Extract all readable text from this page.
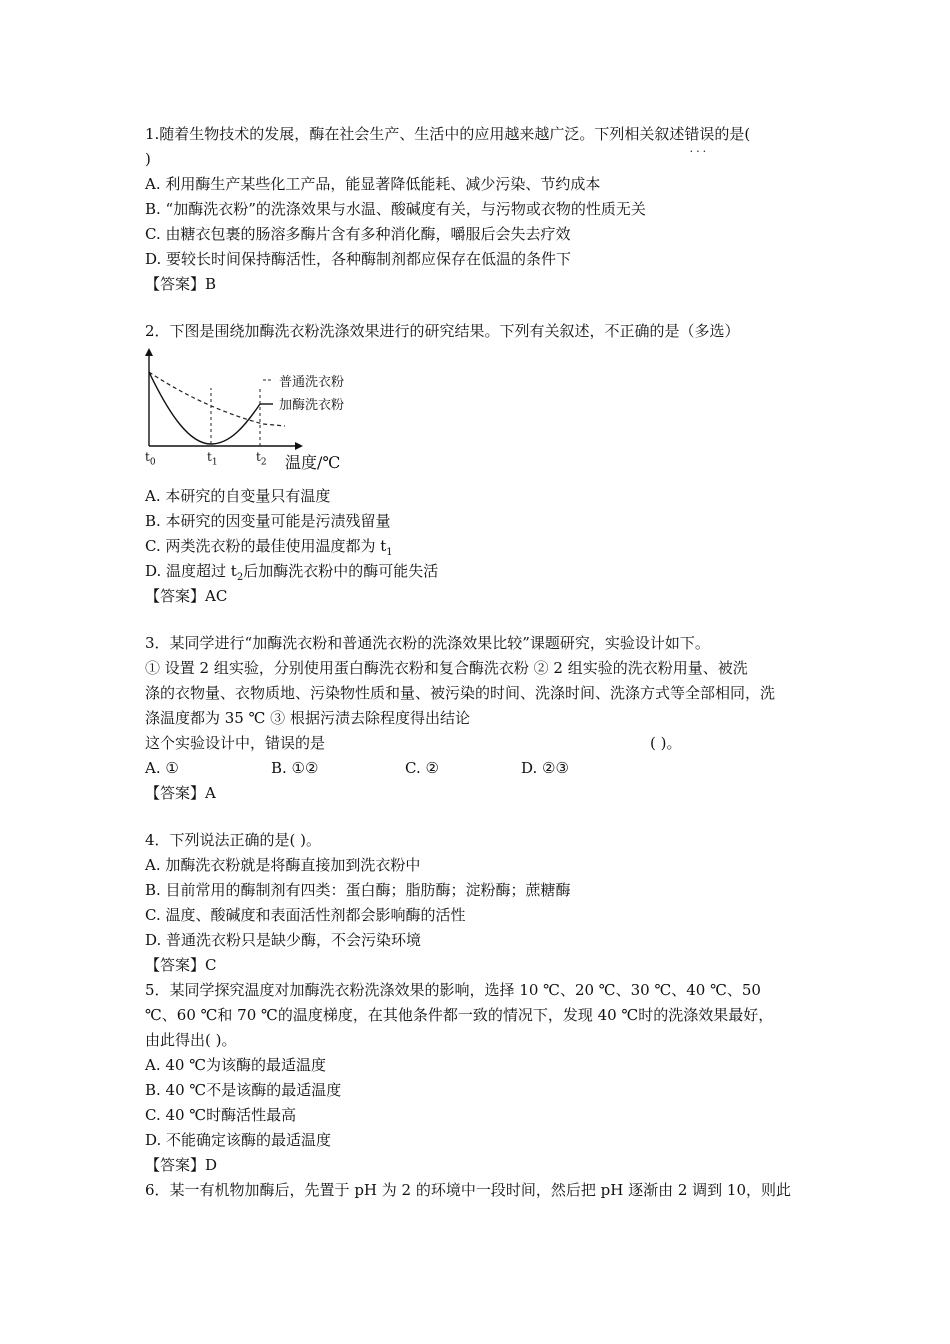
1.随着生物技术的发展，酶在社会生产、生活中的应用越来越广泛。下列相关叙述错误 ···的是(
)
A. 利用酶生产某些化工产品，能显著降低能耗、减少污染、节约成本
B. “加酶洗衣粉”的洗涤效果与水温、酸碱度有关，与污物或衣物的性质无关
C. 由糖衣包裹的肠溶多酶片含有多种消化酶，嚼服后会失去疗效
D. 要较长时间保持酶活性，各种酶制剂都应保存在低温的条件下
【答案】B
2．下图是围绕加酶洗衣粉洗涤效果进行的研究结果。下列有关叙述，不正确的是（多选）
普通洗衣粉
加酶洗衣粉
$t_0$	$t_1$	$t_2$ 温度/℃
A. 本研究的自变量只有温度
B. 本研究的因变量可能是污渍残留量
C. 两类洗衣粉的最佳使用温度都为 $t_1$
D. 温度超过 $t_2$后加酶洗衣粉中的酶可能失活
【答案】AC
3．某同学进行“加酶洗衣粉和普通洗衣粉的洗涤效果比较”课题研究，实验设计如下。
① 设置 2 组实验，分别使用蛋白酶洗衣粉和复合酶洗衣粉 ② 2 组实验的洗衣粉用量、被洗
涤的衣物量、衣物质地、污染物性质和量、被污染的时间、洗涤时间、洗涤方式等全部相同，洗
涤温度都为 35 ℃ ③ 根据污渍去除程度得出结论
这个实验设计中，错误的是	( )。
A. ①	B. ①②	C. ②	D. ②③
【答案】A
4．下列说法正确的是( )。
A. 加酶洗衣粉就是将酶直接加到洗衣粉中
B. 目前常用的酶制剂有四类：蛋白酶；脂肪酶；淀粉酶；蔗糖酶
C. 温度、酸碱度和表面活性剂都会影响酶的活性
D. 普通洗衣粉只是缺少酶，不会污染环境
【答案】C
5．某同学探究温度对加酶洗衣粉洗涤效果的影响，选择 10 ℃、20 ℃、30 ℃、40 ℃、50
℃、60 ℃和 70 ℃的温度梯度，在其他条件都一致的情况下，发现 40 ℃时的洗涤效果最好，
由此得出( )。
A. 40 ℃为该酶的最适温度
B. 40 ℃不是该酶的最适温度
C. 40 ℃时酶活性最高
D. 不能确定该酶的最适温度
【答案】D
6．某一有机物加酶后，先置于 pH 为 2 的环境中一段时间，然后把 pH 逐渐由 2 调到 10，则此
